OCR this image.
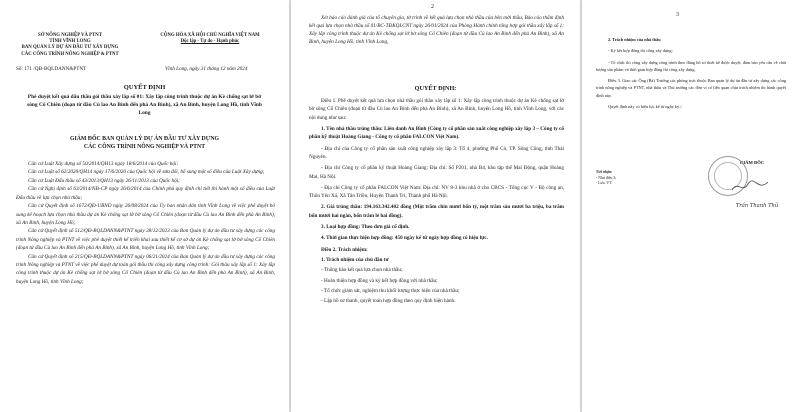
SỞ NÔNG NGHIỆP VÀ PTNT
TỈNH VĨNH LONG
BAN QUẢN LÝ DỰ ÁN ĐẦU TƯ XÂY DỰNG
CÁC CÔNG TRÌNH NÔNG NGHIỆP & PTNT
CỘNG HÒA XÃ HỘI CHỦ NGHĨA VIỆT NAM
Độc lập - Tự do - Hạnh phúc
Số: 171 /QĐ-BQLDANN&PTNT	Vĩnh Long, ngày 31 tháng 12 năm 2024
QUYẾT ĐỊNH
Phê duyệt kết quả đấu thầu gói thầu xây lắp số 01: Xây lắp công trình thuộc dự án Kè chống sạt lở bờ sông Cổ Chiên (đoạn từ đầu Cù lao An Bình đến phà An Bình), xã An Bình, huyện Long Hồ, tỉnh Vĩnh Long
GIÁM ĐỐC BAN QUẢN LÝ DỰ ÁN ĐẦU TƯ XÂY DỰNG
CÁC CÔNG TRÌNH NÔNG NGHIỆP VÀ PTNT

Căn cứ Luật Xây dựng số 50/2014/QH13 ngày 18/6/2014 của Quốc hội;

Căn cứ Luật số 62/2020/QH14 ngày 17/6/2020 của Quốc hội về sửa đổi, bổ sung một số điều của Luật Xây dựng;

Căn cứ Luật Đấu thầu số 43/2013/QH13 ngày 26/11/2013 của Quốc hội;

Căn cứ Nghị định số 63/2014/NĐ-CP ngày 26/6/2014 của Chính phủ quy định chi tiết thi hành một số điều của Luật Đấu thầu về lựa chọn nhà thầu;

Căn cứ Quyết định số 1672/QĐ-UBND ngày 26/08/2024 của Ủy ban nhân dân tỉnh Vĩnh Long về việc phê duyệt bổ sung kế hoạch lựa chọn nhà thầu dự án Kè chống sạt lở bờ sông Cổ Chiên (đoạn từ đầu Cù lao An Bình đến phà An Bình), xã An Bình, huyện Long Hồ;

Căn cứ Quyết định số 512/QĐ-BQLDANN&PTNT ngày 28/12/2023 của Ban Quản lý dự án đầu tư xây dựng các công trình Nông nghiệp và PTNT về việc phê duyệt thiết kế triển khai sau thiết kế cơ sở dự án Kè chống sạt lở bờ sông Cổ Chiên (đoạn từ đầu Cù lao An Bình đến phà An Bình), xã An Bình, huyện Long Hồ, tỉnh Vĩnh Long;

Căn cứ Quyết định số 215/QĐ-BQLDANN&PTNT ngày 06/21/2024 của Ban Quản lý dự án đầu tư xây dựng các công trình Nông nghiệp và PTNT về việc phê duyệt dự toán gói thầu thi công xây dựng công trình: Gói thầu xây lắp số 1: Xây lắp công trình thuộc dự án Kè chống sạt lở bờ sông Cổ Chiên (đoạn từ đầu Cù lao An Bình đến phà An Bình), xã An Bình, huyện Long Hồ, tỉnh Vĩnh Long;

2
Xét báo cáo đánh giá của tổ chuyên gia, tờ trình về kết quả lựa chọn nhà thầu của bên mời thầu, Báo cáo thẩm định kết quả lựa chọn nhà thầu số 01/BC-TĐKQLCNT ngày 26/01/2024 của Phòng Hành chính tổng hợp gói thầu xây lắp số 1: Xây lắp công trình thuộc dự án Kè chống sạt lở bờ sông Cổ Chiên (đoạn từ đầu Cù lao An Bình đến phà An Bình), xã An Bình, huyện Long Hồ, tỉnh Vĩnh Long,
QUYẾT ĐỊNH:

Điều 1. Phê duyệt kết quả lựa chọn nhà thầu gói thầu xây lắp số 1: Xây lắp công trình thuộc dự án Kè chống sạt lở bờ sông Cổ Chiên (đoạn từ đầu Cù lao An Bình đến phà An Bình), xã An Bình, huyện Long Hồ, tỉnh Vĩnh Long, với các nội dung như sau:

1. Tên nhà thầu trúng thầu: Liên danh An Bình (Công ty cổ phần sản xuất công nghiệp xây lắp 3 – Công ty cổ phần kỹ thuật Hoàng Giang - Công ty cổ phần FALCON Việt Nam).

- Địa chỉ của Công ty cổ phần sản xuất công nghiệp xây lắp 3: Tổ 4, phường Phố Cò, TP. Sông Công, tỉnh Thái Nguyên.

- Địa chỉ Công ty cổ phần kỹ thuật Hoàng Giang: Địa chỉ: Số P201, nhà B4, khu tập thể Mai Động, quận Hoàng Mai, Hà Nội.

- Địa chỉ Công ty cổ phần FALCON Việt Nam: Địa chỉ: NV 8-3 khu nhà ở cho CBCS - Tổng cục V - Bộ công an, Thôn Yên Xá, Xã Tân Triều, Huyện Thanh Trì, Thành phố Hà Nội.

2. Giá trúng thầu: 194.163.342.402 đồng (Một trăm chín mươi bốn tỷ, một trăm sáu mươi ba triệu, ba trăm bốn mươi hai ngàn, bốn trăm lẻ hai đồng).

3. Loại hợp đồng: Theo đơn giá cố định.

4. Thời gian thực hiện hợp đồng: 450 ngày kể từ ngày hợp đồng có hiệu lực.

Điều 2. Trách nhiệm:

1. Trách nhiệm của chủ đầu tư

- Thông báo kết quả lựa chọn nhà thầu;

- Hoàn thiện hợp đồng và ký kết hợp đồng với nhà thầu;

- Tổ chức giám sát, nghiệm thu khối lượng thực hiện của nhà thầu;

- Lập hồ sơ thanh, quyết toán hợp đồng theo quy định hiện hành.

3

2. Trách nhiệm của nhà thầu

- Ký kết hợp đồng thi công xây dựng;

- Tổ chức thi công xây dựng công trình theo đúng hồ sơ thiết kế được duyệt, đảm bảo yêu cầu về chất lượng sản phẩm và thời gian hợp đồng thi công xây dựng.

Điều 3. Giao các Ông (Bà) Trưởng các phòng trực thuộc Ban quản lý dự án đầu tư xây dựng các công trình nông nghiệp và PTNT, nhà thầu và Thủ trưởng các đơn vị có liên quan chịu trách nhiệm thi hành quyết định này.

Quyết định này có hiệu lực kể từ ngày ký./.

Nơi nhận:
- Như điều 3;
- Lưu: VT.
GIÁM ĐỐC
Trần Thanh Thủ
